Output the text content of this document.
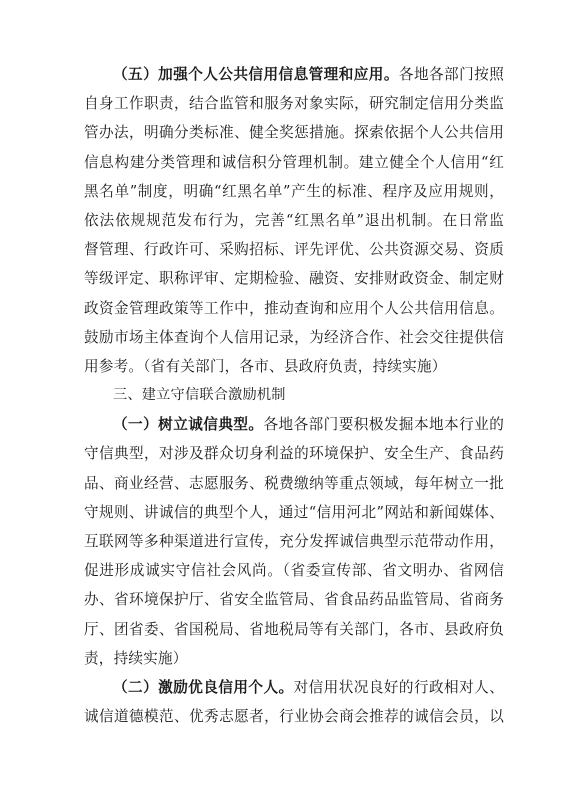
（五）加强个人公共信用信息管理和应用。各地各部门按照
自身工作职责，结合监管和服务对象实际，研究制定信用分类监
管办法，明确分类标准、健全奖惩措施。探索依据个人公共信用
信息构建分类管理和诚信积分管理机制。建立健全个人信用“红
黑名单”制度，明确“红黑名单”产生的标准、程序及应用规则，
依法依规规范发布行为，完善“红黑名单”退出机制。在日常监
督管理、行政许可、采购招标、评先评优、公共资源交易、资质
等级评定、职称评审、定期检验、融资、安排财政资金、制定财
政资金管理政策等工作中，推动查询和应用个人公共信用信息。
鼓励市场主体查询个人信用记录，为经济合作、社会交往提供信
用参考。（省有关部门，各市、县政府负责，持续实施）
三、建立守信联合激励机制
（一）树立诚信典型。各地各部门要积极发掘本地本行业的
守信典型，对涉及群众切身利益的环境保护、安全生产、食品药
品、商业经营、志愿服务、税费缴纳等重点领域，每年树立一批
守规则、讲诚信的典型个人，通过“信用河北”网站和新闻媒体、
互联网等多种渠道进行宣传，充分发挥诚信典型示范带动作用，
促进形成诚实守信社会风尚。（省委宣传部、省文明办、省网信
办、省环境保护厅、省安全监管局、省食品药品监管局、省商务
厅、团省委、省国税局、省地税局等有关部门，各市、县政府负
责，持续实施）
（二）激励优良信用个人。对信用状况良好的行政相对人、
诚信道德模范、优秀志愿者，行业协会商会推荐的诚信会员，以
